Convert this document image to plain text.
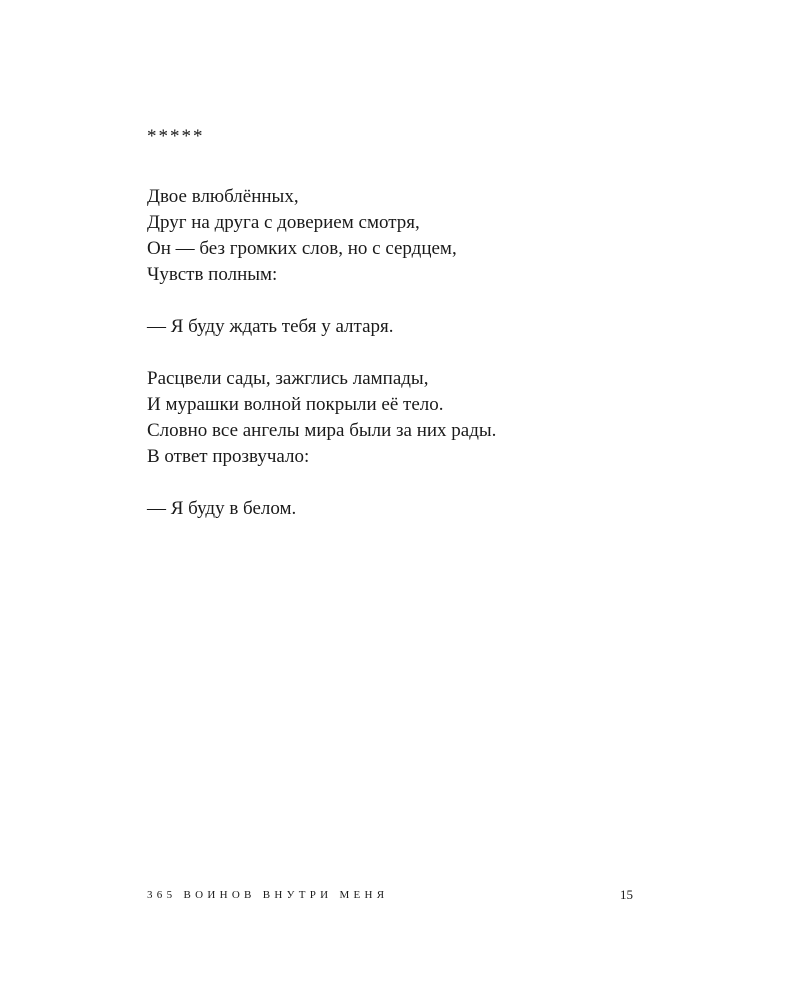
*****
Двое влюблённых,
Друг на друга с доверием смотря,
Он — без громких слов, но с сердцем,
Чувств полным:
— Я буду ждать тебя у алтаря.
Расцвели сады, зажглись лампады,
И мурашки волной покрыли её тело.
Словно все ангелы мира были за них рады.
В ответ прозвучало:
— Я буду в белом.
365 ВОИНОВ ВНУТРИ МЕНЯ	15
